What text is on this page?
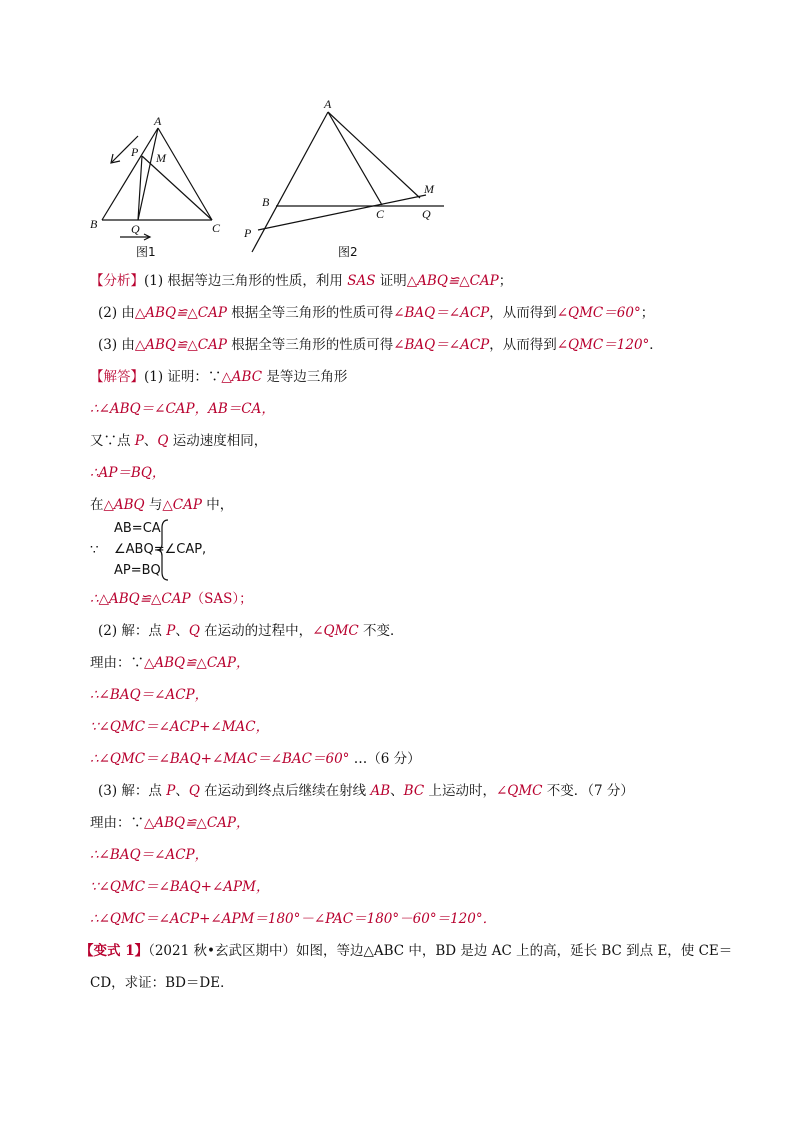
A
P M
B	Q	C
图1
A
B
C
M
Q
P
图2
【分析】(1) 根据等边三角形的性质，利用 SAS 证明△ABQ≌△CAP；
(2) 由△ABQ≌△CAP 根据全等三角形的性质可得∠BAQ＝∠ACP，从而得到∠QMC＝60°；
(3) 由△ABQ≌△CAP 根据全等三角形的性质可得∠BAQ＝∠ACP，从而得到∠QMC＝120°．
【解答】(1) 证明：∵△ABC 是等边三角形
∴∠ABQ＝∠CAP，AB＝CA，
又∵点 P、Q 运动速度相同，
∴AP＝BQ，
在△ABQ 与△CAP 中，
∵
AB=CA
∠ABQ=∠CAP,
AP=BQ
∴△ABQ≌△CAP（SAS）；
(2) 解：点 P、Q 在运动的过程中，∠QMC 不变．
理由：∵△ABQ≌△CAP，
∴∠BAQ＝∠ACP，
∵∠QMC＝∠ACP+∠MAC，
∴∠QMC＝∠BAQ+∠MAC＝∠BAC＝60° …（6 分）
(3) 解：点 P、Q 在运动到终点后继续在射线 AB、BC 上运动时，∠QMC 不变．（7 分）
理由：∵△ABQ≌△CAP，
∴∠BAQ＝∠ACP，
∵∠QMC＝∠BAQ+∠APM，
∴∠QMC＝∠ACP+∠APM＝180°－∠PAC＝180°－60°＝120°．
【变式 1】（2021 秋•玄武区期中）如图，等边△ABC 中，BD 是边 AC 上的高，延长 BC 到点 E，使 CE＝
CD，求证：BD＝DE．
